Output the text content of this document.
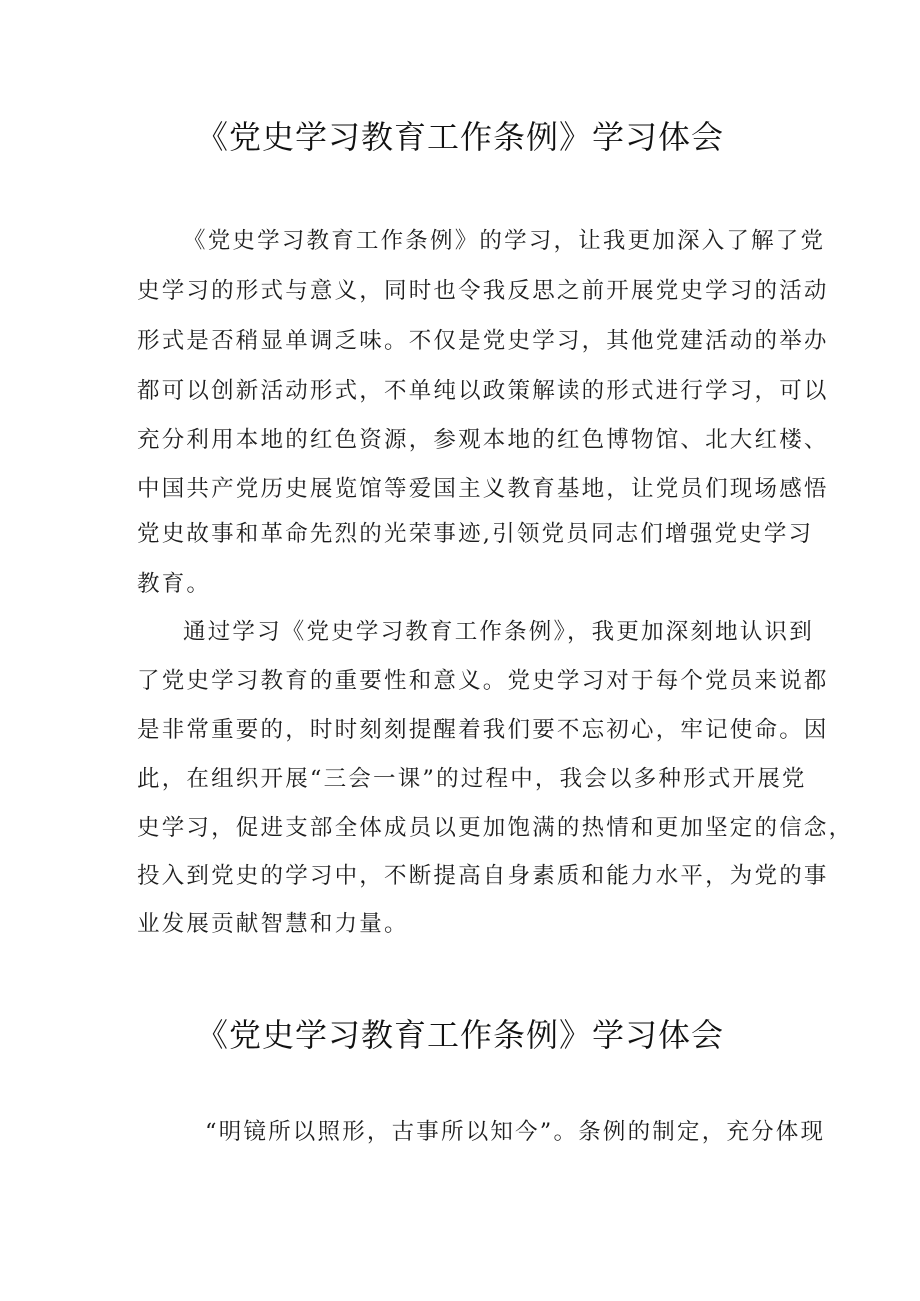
《党史学习教育工作条例》学习体会
《党史学习教育工作条例》的学习，让我更加深入了解了党
史学习的形式与意义，同时也令我反思之前开展党史学习的活动
形式是否稍显单调乏味。不仅是党史学习，其他党建活动的举办
都可以创新活动形式，不单纯以政策解读的形式进行学习，可以
充分利用本地的红色资源，参观本地的红色博物馆、北大红楼、
中国共产党历史展览馆等爱国主义教育基地，让党员们现场感悟
党史故事和革命先烈的光荣事迹,引领党员同志们增强党史学习
教育。
通过学习《党史学习教育工作条例》，我更加深刻地认识到
了党史学习教育的重要性和意义。党史学习对于每个党员来说都
是非常重要的，时时刻刻提醒着我们要不忘初心，牢记使命。因
此，在组织开展“三会一课”的过程中，我会以多种形式开展党
史学习，促进支部全体成员以更加饱满的热情和更加坚定的信念，
投入到党史的学习中，不断提高自身素质和能力水平，为党的事
业发展贡献智慧和力量。
《党史学习教育工作条例》学习体会
“明镜所以照形，古事所以知今”。条例的制定，充分体现
